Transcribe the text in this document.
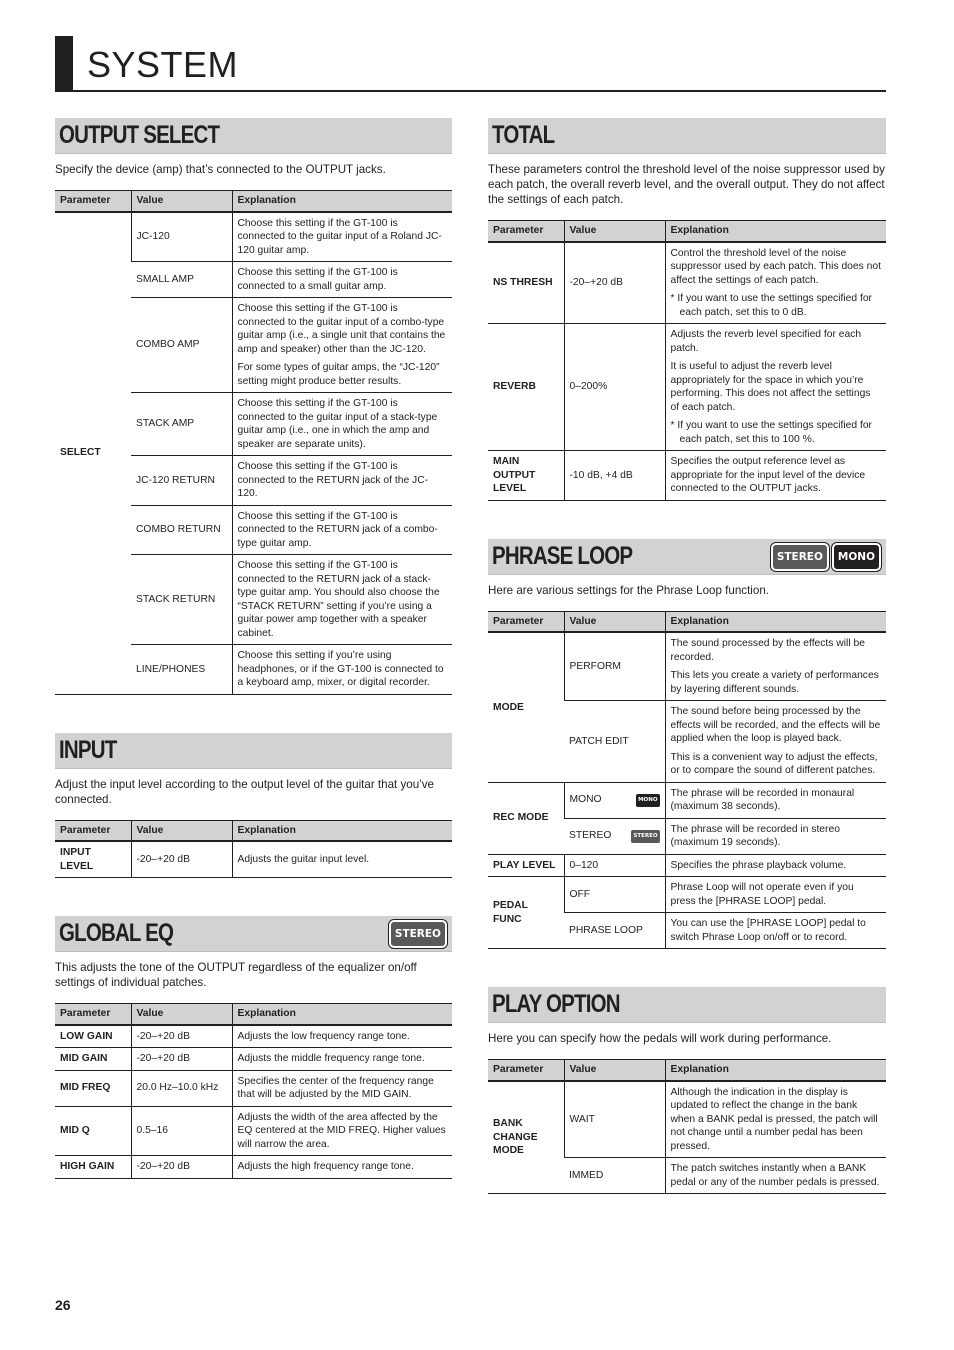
SYSTEM
OUTPUT SELECT

Specify the device (amp) that’s connected to the OUTPUT jacks.

Parameter	Value	Explanation
SELECT	JC-120	Choose this setting if the GT-100 is connected to the guitar input of a Roland JC-120 guitar amp.

	SMALL AMP	Choose this setting if the GT-100 is connected to a small guitar amp.

	COMBO AMP	Choose this setting if the GT-100 is connected to the guitar input of a combo-type guitar amp (i.e., a single unit that contains the amp and speaker) other than the JC-120.

For some types of guitar amps, the “JC-120” setting might produce better results.

	STACK AMP	Choose this setting if the GT-100 is connected to the guitar input of a stack-type guitar amp (i.e., one in which the amp and speaker are separate units).

	JC-120 RETURN	Choose this setting if the GT-100 is connected to the RETURN jack of the JC-120.

	COMBO RETURN	Choose this setting if the GT-100 is connected to the RETURN jack of a combo-type guitar amp.

	STACK RETURN	Choose this setting if the GT-100 is connected to the RETURN jack of a stack-type guitar amp. You should also choose the “STACK RETURN” setting if you’re using a guitar power amp together with a speaker cabinet.

	LINE/PHONES	Choose this setting if you’re using headphones, or if the GT-100 is connected to a keyboard amp, mixer, or digital recorder.

INPUT

Adjust the input level according to the output level of the guitar that you’ve connected.

Parameter	Value	Explanation
INPUT LEVEL	-20–+20 dB	Adjusts the guitar input level.
GLOBAL EQ	STEREO

This adjusts the tone of the OUTPUT regardless of the equalizer on/off settings of individual patches.

Parameter	Value	Explanation
LOW GAIN	-20–+20 dB	Adjusts the low frequency range tone.
MID GAIN	-20–+20 dB	Adjusts the middle frequency range tone.
MID FREQ	20.0 Hz–10.0 kHz	Specifies the center of the frequency range that will be adjusted by the MID GAIN.
MID Q	0.5–16	Adjusts the width of the area affected by the EQ centered at the MID FREQ. Higher values will narrow the area.
HIGH GAIN	-20–+20 dB	Adjusts the high frequency range tone.
TOTAL

These parameters control the threshold level of the noise suppressor used by each patch, the overall reverb level, and the overall output. They do not affect the settings of each patch.

Parameter	Value	Explanation
NS THRESH	-20–+20 dB	Control the threshold level of the noise suppressor used by each patch. This does not affect the settings of each patch.

* If you want to use the settings specified for each patch, set this to 0 dB.

REVERB	0–200%	Adjusts the reverb level specified for each patch.

It is useful to adjust the reverb level appropriately for the space in which you’re performing. This does not affect the settings of each patch.

* If you want to use the settings specified for each patch, set this to 100 %.

MAIN
OUTPUT
LEVEL	-10 dB, +4 dB	Specifies the output reference level as appropriate for the input level of the device connected to the OUTPUT jacks.

PHRASE LOOP	STEREO	MONO

Here are various settings for the Phrase Loop function.

Parameter	Value	Explanation
MODE	PERFORM	The sound processed by the effects will be recorded.

This lets you create a variety of performances by layering different sounds.

	PATCH EDIT	The sound before being processed by the effects will be recorded, and the effects will be applied when the loop is played back.

This is a convenient way to adjust the effects, or to compare the sound of different patches.

REC MODE	MONO MONO	The phrase will be recorded in monaural (maximum 38 seconds).

	STEREO STEREO	The phrase will be recorded in stereo (maximum 19 seconds).
PLAY LEVEL	0–120	Specifies the phrase playback volume.
PEDAL FUNC	OFF	Phrase Loop will not operate even if you press the [PHRASE LOOP] pedal.
	PHRASE LOOP	You can use the [PHRASE LOOP] pedal to switch Phrase Loop on/off or to record.
PLAY OPTION

Here you can specify how the pedals will work during performance.

Parameter	Value	Explanation

BANK
CHANGE
MODE	WAIT	Although the indication in the display is updated to reflect the change in the bank when a BANK pedal is pressed, the patch will not change until a number pedal has been pressed.
	IMMED	The patch switches instantly when a BANK pedal or any of the number pedals is pressed.
26
